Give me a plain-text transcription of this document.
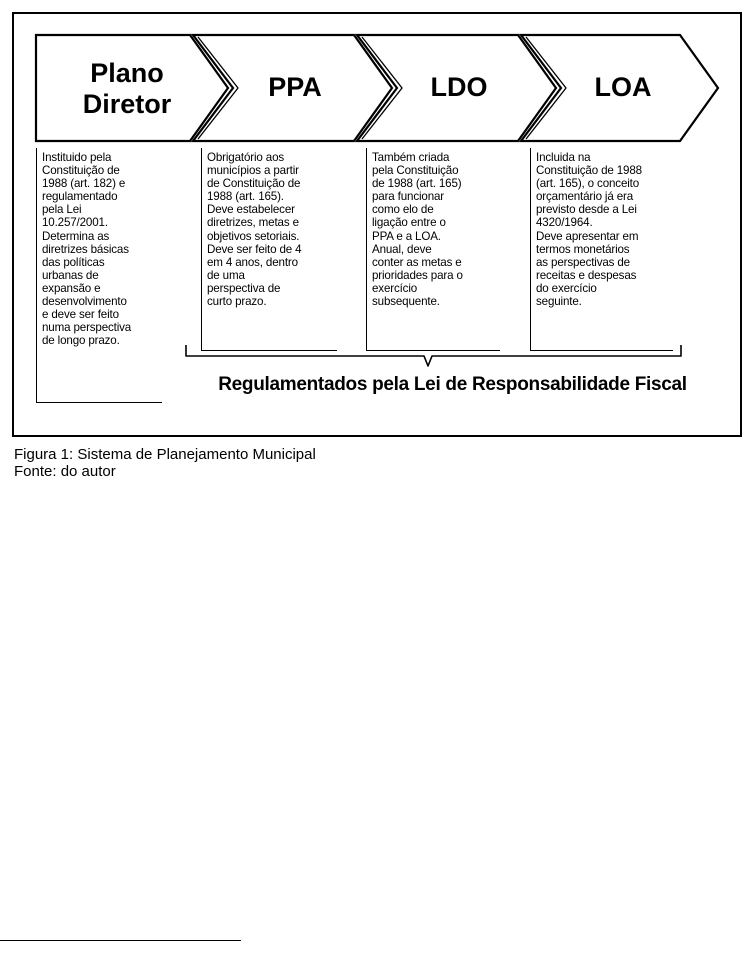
Plano
Diretor
PPA	LDO	LOA
Instituido pela
Constituição de
1988 (art. 182) e
regulamentado
pela Lei
10.257/2001.
Determina as
diretrizes básicas
das políticas
urbanas de
expansão e
desenvolvimento
e deve ser feito
numa perspectiva
de longo prazo.
Obrigatório aos
municípios a partir
de Constituição de
1988 (art. 165).
Deve estabelecer
diretrizes, metas e
objetivos setoriais.
Deve ser feito de 4
em 4 anos, dentro
de uma
perspectiva de
curto prazo.
Também criada
pela Constituição
de 1988 (art. 165)
para funcionar
como elo de
ligação entre o
PPA e a LOA.
Anual, deve
conter as metas e
prioridades para o
exercício
subsequente.
Incluida na
Constituição de 1988
(art. 165), o conceito
orçamentário já era
previsto desde a Lei
4320/1964.
Deve apresentar em
termos monetários
as perspectivas de
receitas e despesas
do exercício
seguinte.
Regulamentados pela Lei de Responsabilidade Fiscal
Figura 1: Sistema de Planejamento Municipal
Fonte: do autor
